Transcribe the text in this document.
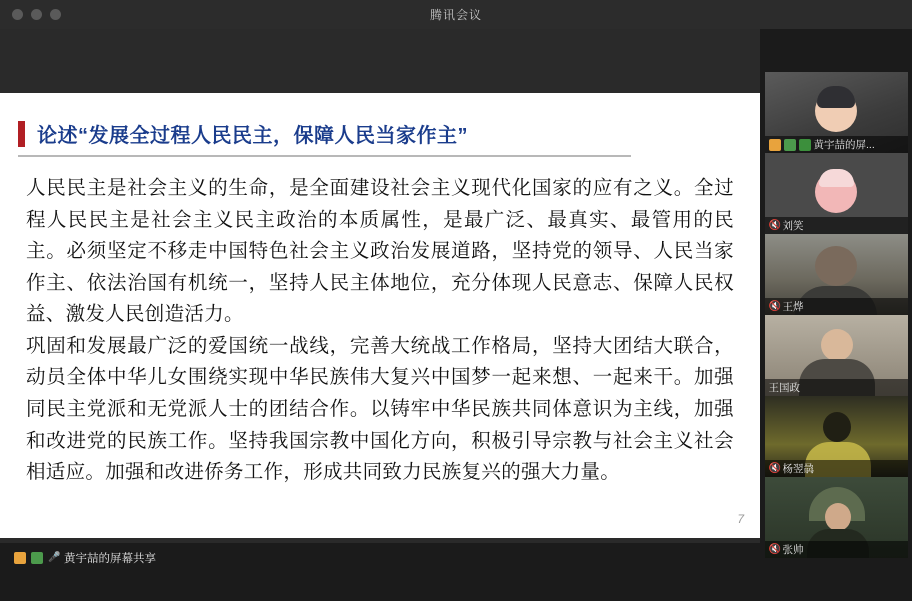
腾讯会议
论述“发展全过程人民民主，保障人民当家作主”

人民民主是社会主义的生命，是全面建设社会主义现代化国家的应有之义。全过程人民民主是社会主义民主政治的本质属性，是最广泛、最真实、最管用的民主。必须坚定不移走中国特色社会主义政治发展道路，坚持党的领导、人民当家作主、依法治国有机统一，坚持人民主体地位，充分体现人民意志、保障人民权益、激发人民创造活力。

巩固和发展最广泛的爱国统一战线，完善大统战工作格局，坚持大团结大联合，动员全体中华儿女围绕实现中华民族伟大复兴中国梦一起来想、一起来干。加强同民主党派和无党派人士的团结合作。以铸牢中华民族共同体意识为主线，加强和改进党的民族工作。坚持我国宗教中国化方向，积极引导宗教与社会主义社会相适应。加强和改进侨务工作，形成共同致力民族复兴的强大力量。

7
🎤 黄宇喆的屏幕共享
黄宇喆的屏...
🔇 刘笑
🔇 王烨
王国政
🔇 杨翌骉
🔇 张帅
